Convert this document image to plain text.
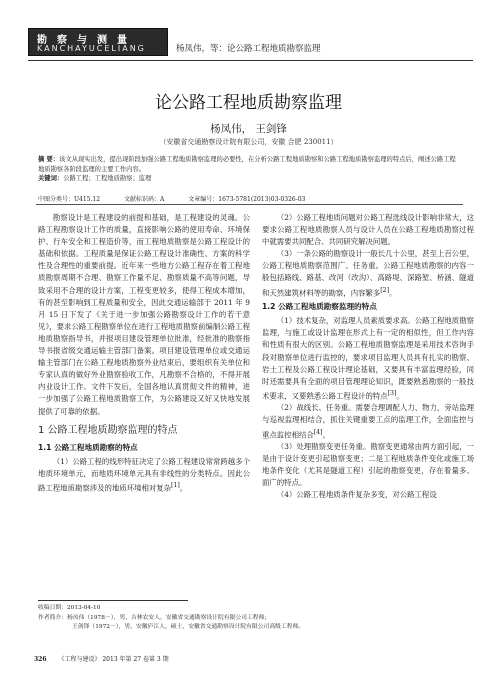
勘察与测量
KANCHAYUCELIANG	杨凤伟，等：论公路工程地质勘察监理
论公路工程地质勘察监理
杨凤伟， 王剑锋
（安徽省交通勘察设计院有限公司，安徽 合肥 230011）
摘 要：该文从现实出发，提出现阶段加强公路工程地质勘察监理的必要性，在分析公路工程地质勘察和公路工程地质勘察监理的特点后，阐述公路工程地质勘察各阶段监理的主要工作内容。
关键词：公路工程；工程地质勘察；监理
中图分类号：U415.12	文献标识码：A	文章编号：1673-5781(2013)03-0326-03

勘察设计是工程建设的前提和基础，是工程建设的灵魂。公路工程勘察设计工作的质量，直接影响公路的使用寿命、环境保护、行车安全和工程造价等，而工程地质勘察是公路工程设计的基础和依据。工程质量是保证公路工程设计准确性、方案的科学性及合理性的重要前提。近年来一些地方公路工程存在着工程地质勘察周期不合理、勘察工作量不足、勘察质量不高等问题，导致采用不合理的设计方案，工程变更较多，使得工程成本增加，有的甚至影响到工程质量和安全，因此交通运输部于 2011 年 9 月 15 日下发了《关于进一步加强公路勘察设计工作的若干意见》，要求公路工程勘察单位在进行工程地质勘察前编制公路工程地质勘察指导书，并报项目建设管理单位批准，经批准的勘察指导书报省级交通运输主管部门备案。项目建设管理单位或交通运输主管部门在公路工程地质勘察外业结束后，要组织有关单位和专家认真的做好外业勘察验收工作，凡勘察不合格的，不得开展内业设计工作。文件下发后，全国各地认真贯彻文件的精神，进一步加强了公路工程地质勘察工作，为公路建设又好又快地发展提供了可靠的依据。

1 公路工程地质勘察监理的特点
1.1 公路工程地质勘察的特点

（1）公路工程的线形特征决定了公路工程建设常常跨越多个地质环境单元，而地质环境单元具有非线性的分类特点。因此公路工程地质勘察涉及的地质环境相对复杂[1]。

（2）公路工程地质问题对公路工程选线设计影响非常大，这要求公路工程地质勘察人员与设计人员在公路工程地质勘察过程中就需要共同配合、共同研究解决问题。

（3）一条公路的勘察设计一般长几十公里，甚至上百公里，公路工程地质勘察范围广、任务重。公路工程地质勘察的内容一般包括路线、路基、改河（改沟）、高路堤、深路堑、桥涵、隧道和天然建筑材料等的勘察，内容繁多[2]。

1.2 公路工程地质勘察监理的特点

（1）技术复杂，对监理人员素质要求高。公路工程地质勘察监理，与施工或设计监理在形式上有一定的相似性，但工作内容和性质有很大的区别。公路工程地质勘察监理是采用技术咨询手段对勘察单位进行监控的，要求项目监理人员具有扎实的勘察、岩土工程及公路工程设计理论基础，又要具有丰富监理经验，同时还需要具有全面的项目管理理论知识，既要熟悉勘察的一般技术要求，又要熟悉公路工程设计的特点[3]。

（2）战线长、任务重。需要合理调配人力、物力，旁站监理与巡视监理相结合，抓住关键重要工点的监理工作，全面监控与重点监控相结合[4]。

（3）处理勘察变更任务重。勘察变更通常由两方面引起，一是由于设计变更引起勘察变更；二是工程地质条件变化或施工场地条件变化（尤其是隧道工程）引起的勘察变更，存在着量多、面广的特点。

（4）公路工程地质条件复杂多变，对公路工程设

收稿日期：2013-04-10
作者简介：杨凤伟（1978－），男，吉林农安人，安徽省交通勘察设计院有限公司工程师；
王剑锋（1972－），男，安徽庐江人，硕士，安徽省交通勘察设计院有限公司高级工程师。
326 《工程与建设》 2013 年第 27 卷第 3 期
